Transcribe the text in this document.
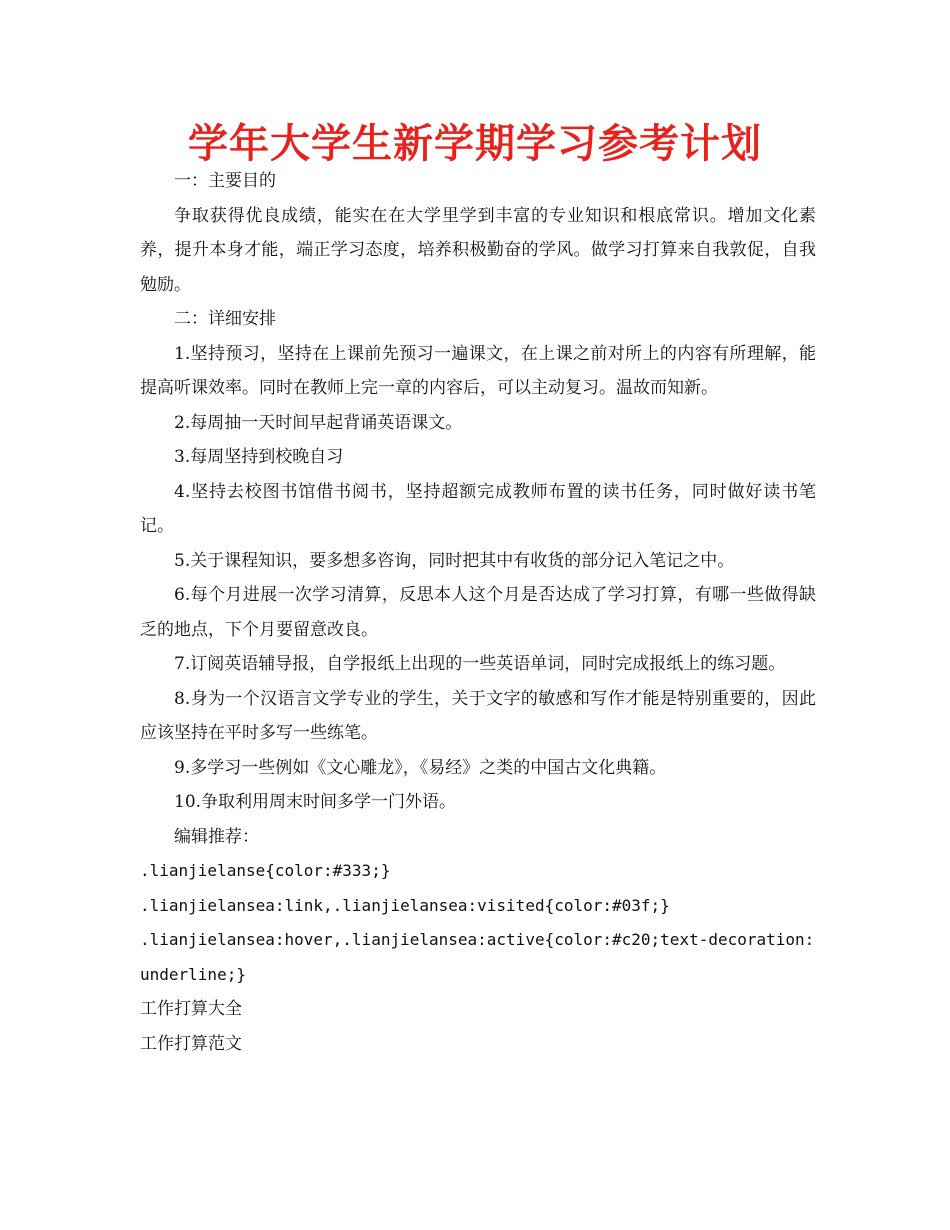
学年大学生新学期学习参考计划

一：主要目的

争取获得优良成绩，能实在在大学里学到丰富的专业知识和根底常识。增加文化素养，提升本身才能，端正学习态度，培养积极勤奋的学风。做学习打算来自我敦促，自我勉励。

二：详细安排

1.坚持预习，坚持在上课前先预习一遍课文，在上课之前对所上的内容有所理解，能提高听课效率。同时在教师上完一章的内容后，可以主动复习。温故而知新。

2.每周抽一天时间早起背诵英语课文。

3.每周坚持到校晚自习

4.坚持去校图书馆借书阅书，坚持超额完成教师布置的读书任务，同时做好读书笔记。

5.关于课程知识，要多想多咨询，同时把其中有收货的部分记入笔记之中。

6.每个月进展一次学习清算，反思本人这个月是否达成了学习打算，有哪一些做得缺乏的地点，下个月要留意改良。

7.订阅英语辅导报，自学报纸上出现的一些英语单词，同时完成报纸上的练习题。

8.身为一个汉语言文学专业的学生，关于文字的敏感和写作才能是特别重要的，因此应该坚持在平时多写一些练笔。

9.多学习一些例如《文心雕龙》，《易经》之类的中国古文化典籍。

10.争取利用周末时间多学一门外语。

编辑推荐：

.lianjielanse{color:#333;}

.lianjielansea:link,.lianjielansea:visited{color:#03f;}

.lianjielansea:hover,.lianjielansea:active{color:#c20;text-decoration:underline;}

工作打算大全

工作打算范文
